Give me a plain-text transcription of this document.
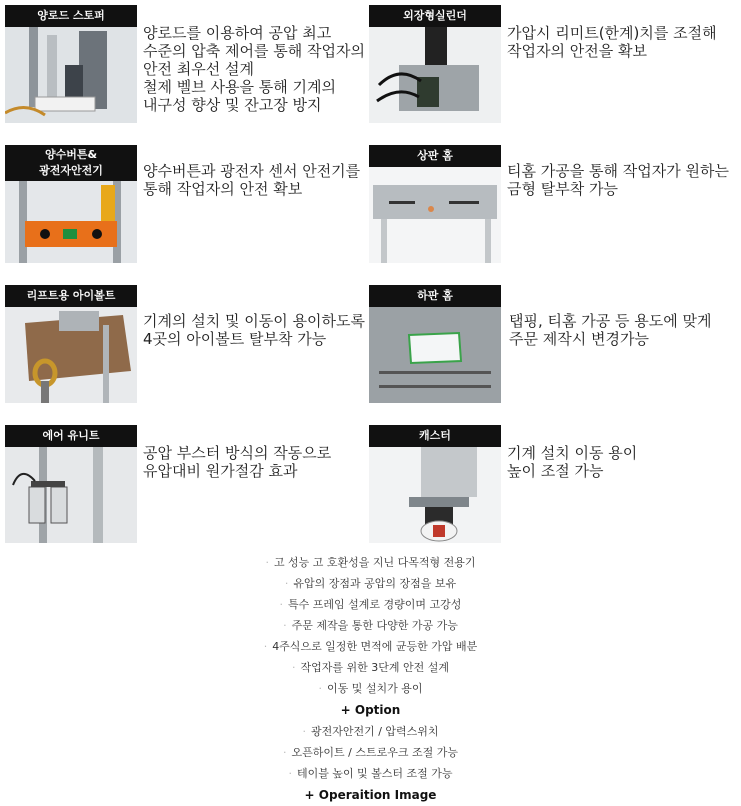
양로드 스토퍼
양로드를 이용하여 공압 최고
수준의 압축 제어를 통해 작업자의
안전 최우선 설계
철제 벨브 사용을 통해 기계의
내구성 향상 및 잔고장 방지
외장형실린더
가압시 리미트(한계)치를 조절해
작업자의 안전을 확보
양수버튼&
광전자안전기	양수버튼과 광전자 센서 안전기를
통해 작업자의 안전 확보
상판 홈
티홈 가공을 통해 작업자가 원하는
금형 탈부착 가능
리프트용 아이볼트
기계의 설치 및 이동이 용이하도록
4곳의 아이볼트 탈부착 가능
하판 홈
탭핑, 티홈 가공 등 용도에 맞게
주문 제작시 변경가능
에어 유니트
공압 부스터 방식의 작동으로
유압대비 원가절감 효과
캐스터
기계 설치 이동 용이
높이 조절 가능
· 고 성능 고 호환성을 지닌 다목적형 전용기
· 유압의 장점과 공압의 장점을 보유
· 특수 프레임 설계로 경량이며 고강성
· 주문 제작을 통한 다양한 가공 가능
· 4주식으로 일정한 면적에 균등한 가압 배분
· 작업자를 위한 3단계 안전 설계
· 이동 및 설치가 용이
+ Option
· 광전자안전기 / 압력스위치
· 오픈하이트 / 스트로우크 조절 가능
· 테이블 높이 및 볼스터 조절 가능
+ Operaition Image
